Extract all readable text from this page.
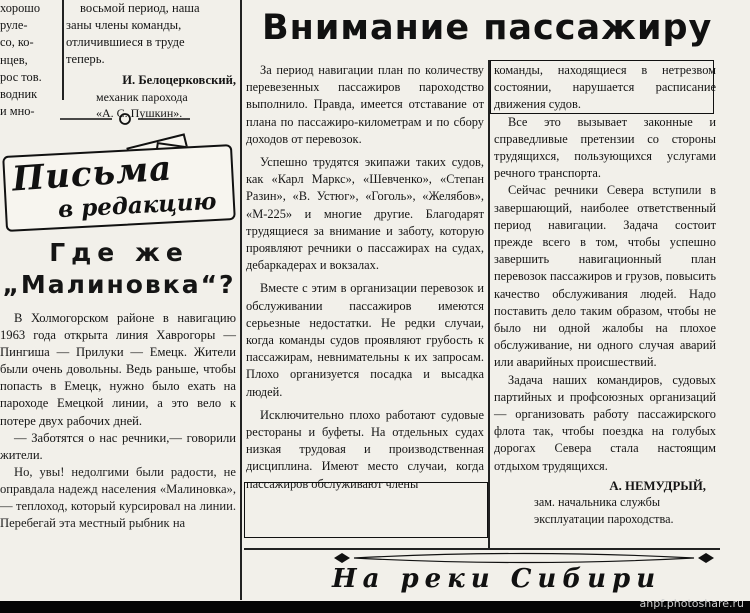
хорошо

руле-

со, ко-

нцев,

рос тов.

водник

и мно-

восьмой период, наша

заны члены команды,

отличившиеся в труде

теперь.

И. Белоцерковский,

механик парохода

«А. С. Пушкин».

Письма
в редакцию
Где же
„Малиновка“?

В Холмогорском районе в навигацию 1963 года открыта линия Хаврогоры — Пингиша — Прилуки — Емецк. Жители были очень довольны. Ведь раньше, чтобы попасть в Емецк, нужно было ехать на пароходе Емецкой линии, а это вело к потере двух рабочих дней.

— Заботятся о нас речники,— говорили жители.

Но, увы! недолгими были радости, не оправдала надежд населения «Малиновка», — теплоход, который курсировал на линии. Перебегай эта местный рыбник на

Внимание пассажиру

За период навигации план по количеству перевезенных пассажиров пароходство выполнило. Правда, имеется отставание от плана по пассажиро-километрам и по сбору доходов от перевозок.

Успешно трудятся экипажи таких судов, как «Карл Маркс», «Шевченко», «Степан Разин», «В. Устюг», «Гоголь», «Желябов», «М-225» и многие другие. Благодарят трудящиеся за внимание и заботу, которую проявляют речники о пассажирах на судах, дебаркадерах и вокзалах.

Вместе с этим в организации перевозок и обслуживании пассажиров имеются серьезные недостатки. Не редки случаи, когда команды судов проявляют грубость к пассажирам, невнимательны к их запросам. Плохо организуется посадка и высадка людей.

Исключительно плохо работают судовые рестораны и буфеты. На отдельных судах низкая трудовая и производственная дисциплина. Имеют место случаи, когда пассажиров обслуживают члены

команды, находящиеся в нетрезвом состоянии, нарушается расписание движения судов.

Все это вызывает законные и справедливые претензии со стороны трудящихся, пользующихся услугами речного транспорта.

Сейчас речники Севера вступили в завершающий, наиболее ответственный период навигации. Задача состоит прежде всего в том, чтобы успешно завершить навигационный план перевозок пассажиров и грузов, повысить качество обслуживания людей. Надо поставить дело таким образом, чтобы не было ни одной жалобы на плохое обслуживание, ни одного случая аварий или аварийных происшествий.

Задача наших командиров, судовых партийных и профсоюзных организаций — организовать работу пассажирского флота так, чтобы поездка на голубых дорогах Севера стала настоящим отдыхом трудящихся.

А. НЕМУДРЫЙ,

зам. начальника службы

эксплуатации пароходства.

На реки Сибири
anpf.photoshare.ru
